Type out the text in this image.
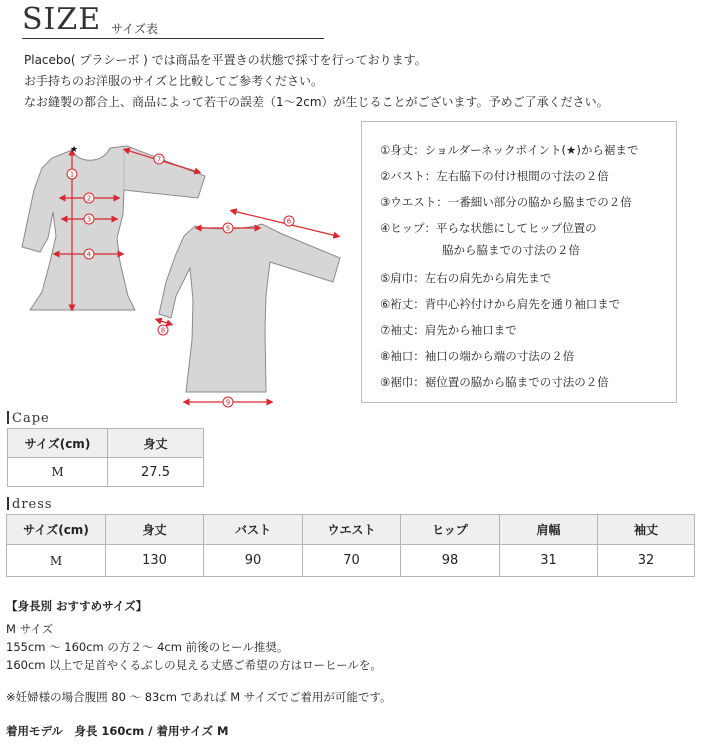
SIZE サイズ表
Placebo( プラシーボ ) では商品を平置きの状態で採寸を行っております。
お手持ちのお洋服のサイズと比較してご参考ください。
なお縫製の都合上、商品によって若干の誤差（1〜2cm）が生じることがございます。予めご了承ください。
★
1
2
3
4
5
6
7
8
9
①身丈：ショルダーネックポイント(★)から裾まで
②バスト：左右脇下の付け根間の寸法の２倍
③ウエスト：一番細い部分の脇から脇までの２倍
④ヒップ：平らな状態にしてヒップ位置の
脇から脇までの寸法の２倍
⑤肩巾：左右の肩先から肩先まで
⑥裄丈：背中心衿付けから肩先を通り袖口まで
⑦袖丈：肩先から袖口まで
⑧袖口：袖口の端から端の寸法の２倍
⑨裾巾：裾位置の脇から脇までの寸法の２倍
Cape
サイズ(cm)	身丈
M	27.5
dress
サイズ(cm)	身丈	バスト	ウエスト	ヒップ	肩幅	袖丈
M	130	90	70	98	31	32
【身長別 おすすめサイズ】
M サイズ
155cm 〜 160cm の方２〜 4cm 前後のヒール推奨。
160cm 以上で足首やくるぶしの見える丈感ご希望の方はローヒールを。
※妊婦様の場合腹囲 80 〜 83cm であれば M サイズでご着用が可能です。
着用モデル　身長 160cm / 着用サイズ M
